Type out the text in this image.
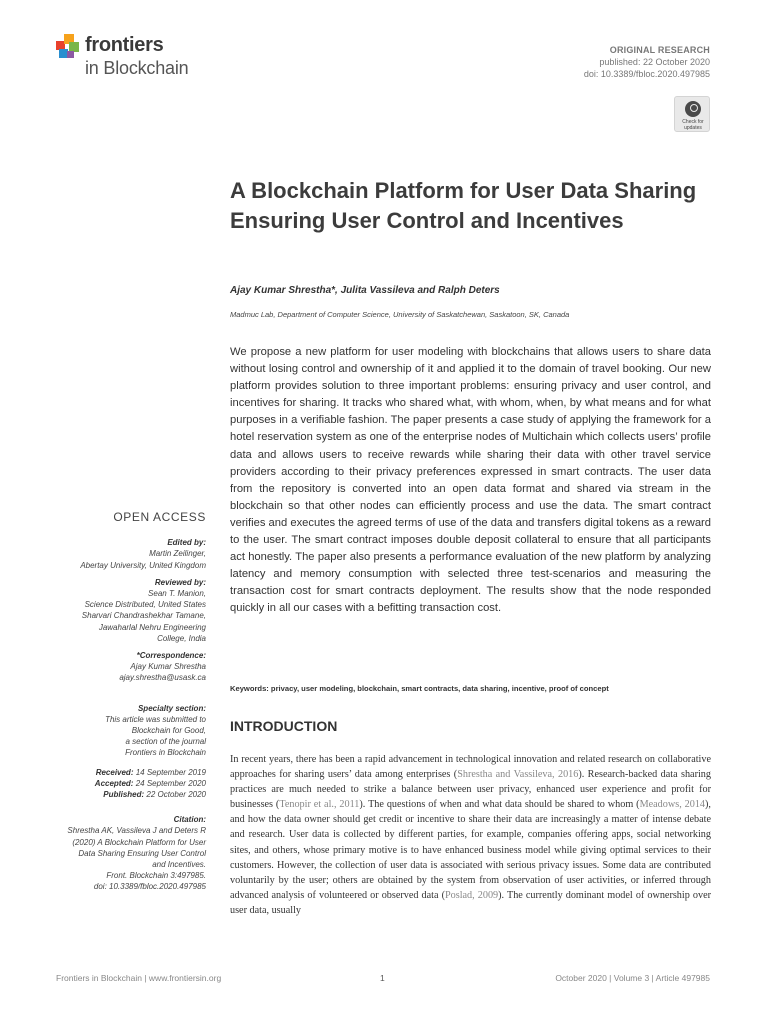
frontiers
in Blockchain
ORIGINAL RESEARCH
published: 22 October 2020
doi: 10.3389/fbloc.2020.497985
Check for updates
A Blockchain Platform for User Data Sharing Ensuring User Control and Incentives
Ajay Kumar Shrestha*, Julita Vassileva and Ralph Deters
Madmuc Lab, Department of Computer Science, University of Saskatchewan, Saskatoon, SK, Canada

We propose a new platform for user modeling with blockchains that allows users to share data without losing control and ownership of it and applied it to the domain of travel booking. Our new platform provides solution to three important problems: ensuring privacy and user control, and incentives for sharing. It tracks who shared what, with whom, when, by what means and for what purposes in a verifiable fashion. The paper presents a case study of applying the framework for a hotel reservation system as one of the enterprise nodes of Multichain which collects users’ profile data and allows users to receive rewards while sharing their data with other travel service providers according to their privacy preferences expressed in smart contracts. The user data from the repository is converted into an open data format and shared via stream in the blockchain so that other nodes can efficiently process and use the data. The smart contract verifies and executes the agreed terms of use of the data and transfers digital tokens as a reward to the user. The smart contract imposes double deposit collateral to ensure that all participants act honestly. The paper also presents a performance evaluation of the new platform by analyzing latency and memory consumption with selected three test-scenarios and measuring the transaction cost for smart contracts deployment. The results show that the node responded quickly in all our cases with a befitting transaction cost.

Keywords: privacy, user modeling, blockchain, smart contracts, data sharing, incentive, proof of concept
INTRODUCTION

In recent years, there has been a rapid advancement in technological innovation and related research on collaborative approaches for sharing users’ data among enterprises (Shrestha and Vassileva, 2016). Research-backed data sharing practices are much needed to strike a balance between user privacy, enhanced user experience and profit for businesses (Tenopir et al., 2011). The questions of when and what data should be shared to whom (Meadows, 2014), and how the data owner should get credit or incentive to share their data are increasingly a matter of intense debate and research. User data is collected by different parties, for example, companies offering apps, social networking sites, and others, whose primary motive is to have enhanced business model while giving optimal services to their customers. However, the collection of user data is associated with serious privacy issues. Some data are contributed voluntarily by the user; others are obtained by the system from observation of user activities, or inferred through advanced analysis of volunteered or observed data (Poslad, 2009). The currently dominant model of ownership over user data, usually

OPEN ACCESS
Edited by:
Martin Zeilinger,
Abertay University, United Kingdom
Reviewed by:
Sean T. Manion,
Science Distributed, United States
Sharvari Chandrashekhar Tamane,
Jawaharlal Nehru Engineering
College, India
*Correspondence:
Ajay Kumar Shrestha
ajay.shrestha@usask.ca
Specialty section:
This article was submitted to
Blockchain for Good,
a section of the journal
Frontiers in Blockchain
Received: 14 September 2019
Accepted: 24 September 2020
Published: 22 October 2020
Citation:
Shrestha AK, Vassileva J and Deters R
(2020) A Blockchain Platform for User
Data Sharing Ensuring User Control
and Incentives.
Front. Blockchain 3:497985.
doi: 10.3389/fbloc.2020.497985
Frontiers in Blockchain | www.frontiersin.org	1	October 2020 | Volume 3 | Article 497985
